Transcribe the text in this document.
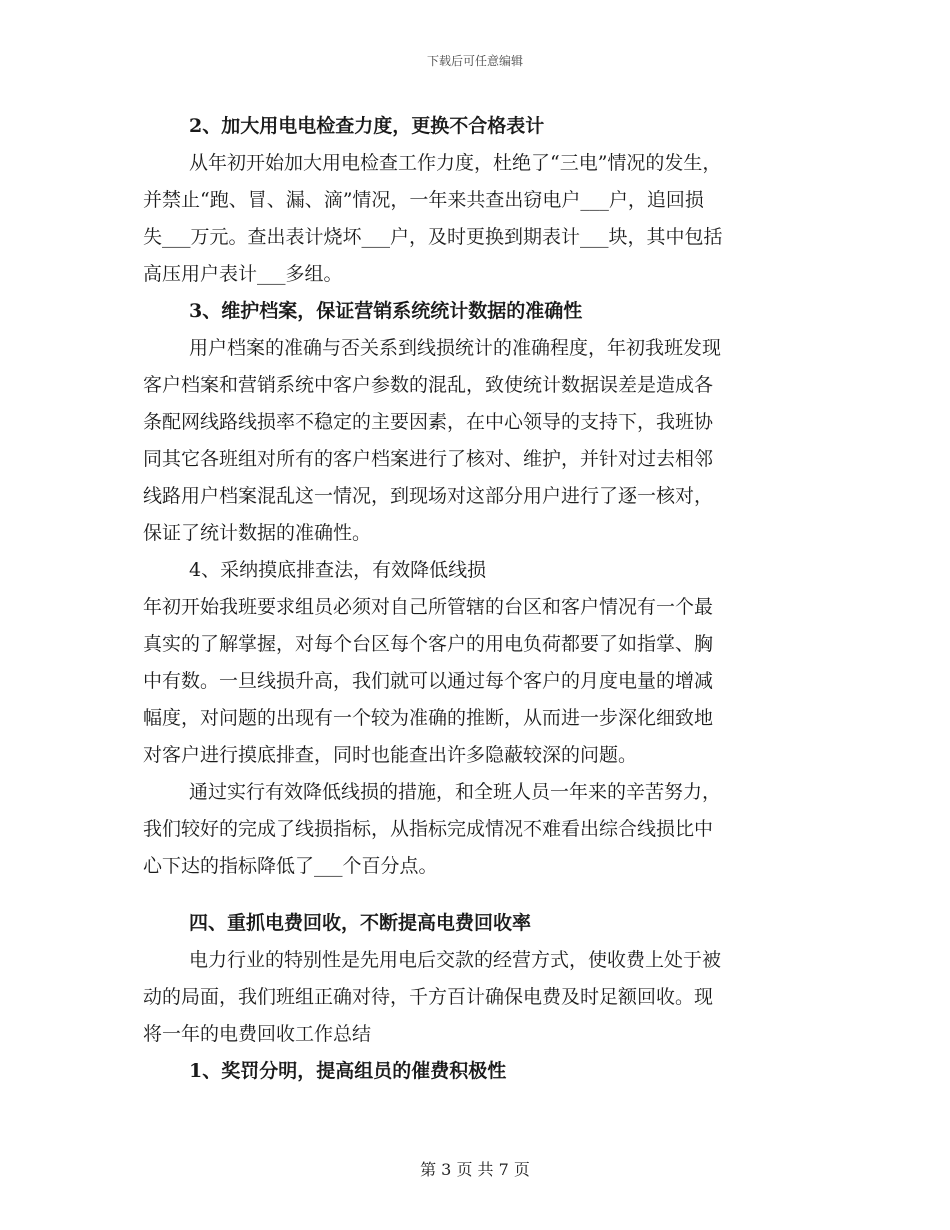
下载后可任意编辑
2、加大用电电检查力度，更换不合格表计
从年初开始加大用电检查工作力度，杜绝了“三电”情况的发生，
并禁止“跑、冒、漏、滴”情况，一年来共查出窃电户___户，追回损
失___万元。查出表计烧坏___户，及时更换到期表计___块，其中包括
高压用户表计___多组。
3、维护档案，保证营销系统统计数据的准确性
用户档案的准确与否关系到线损统计的准确程度，年初我班发现
客户档案和营销系统中客户参数的混乱，致使统计数据误差是造成各
条配网线路线损率不稳定的主要因素，在中心领导的支持下，我班协
同其它各班组对所有的客户档案进行了核对、维护，并针对过去相邻
线路用户档案混乱这一情况，到现场对这部分用户进行了逐一核对，
保证了统计数据的准确性。
4、采纳摸底排查法，有效降低线损
年初开始我班要求组员必须对自己所管辖的台区和客户情况有一个最
真实的了解掌握，对每个台区每个客户的用电负荷都要了如指掌、胸
中有数。一旦线损升高，我们就可以通过每个客户的月度电量的增减
幅度，对问题的出现有一个较为准确的推断，从而进一步深化细致地
对客户进行摸底排查，同时也能查出许多隐蔽较深的问题。
通过实行有效降低线损的措施，和全班人员一年来的辛苦努力，
我们较好的完成了线损指标，从指标完成情况不难看出综合线损比中
心下达的指标降低了___个百分点。
四、重抓电费回收，不断提高电费回收率
电力行业的特别性是先用电后交款的经营方式，使收费上处于被
动的局面，我们班组正确对待，千方百计确保电费及时足额回收。现
将一年的电费回收工作总结
1、奖罚分明，提高组员的催费积极性
第 3 页 共 7 页
